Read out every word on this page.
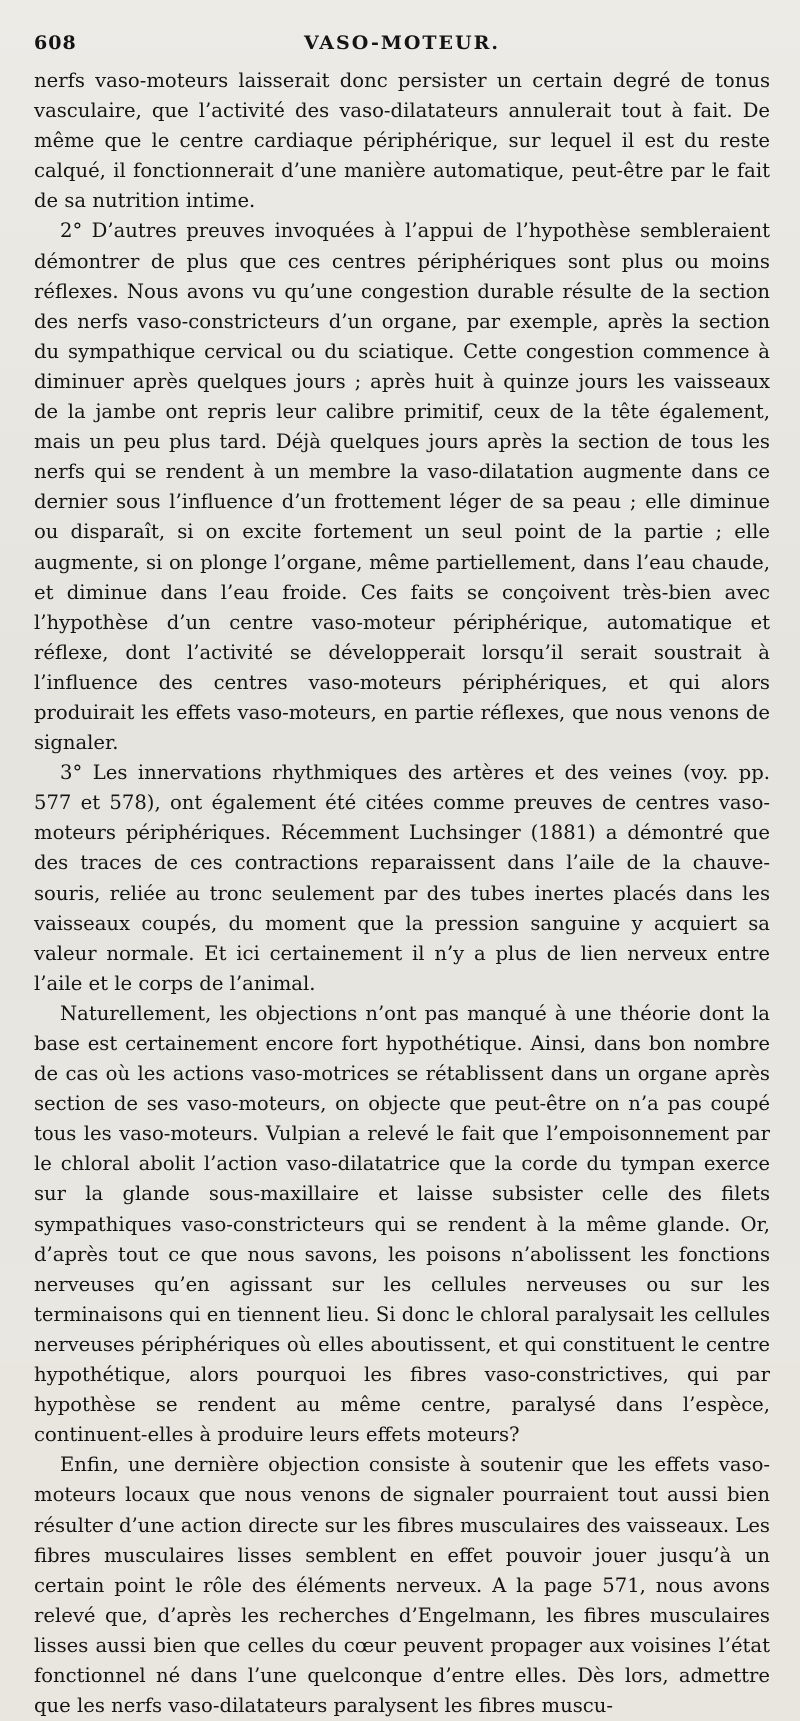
608	VASO-MOTEUR.

nerfs vaso-moteurs laisserait donc persister un certain degré de tonus vasculaire, que l’activité des vaso-dilatateurs annulerait tout à fait. De même que le centre cardiaque périphérique, sur lequel il est du reste calqué, il fonctionnerait d’une manière automatique, peut-être par le fait de sa nutrition intime.

2° D’autres preuves invoquées à l’appui de l’hypothèse sembleraient démontrer de plus que ces centres périphériques sont plus ou moins réflexes. Nous avons vu qu’une congestion durable résulte de la section des nerfs vaso-constricteurs d’un organe, par exemple, après la section du sympathique cervical ou du sciatique. Cette congestion commence à diminuer après quelques jours ; après huit à quinze jours les vaisseaux de la jambe ont repris leur calibre primitif, ceux de la tête également, mais un peu plus tard. Déjà quelques jours après la section de tous les nerfs qui se rendent à un membre la vaso-dilatation augmente dans ce dernier sous l’influence d’un frottement léger de sa peau ; elle diminue ou disparaît, si on excite fortement un seul point de la partie ; elle augmente, si on plonge l’organe, même partiellement, dans l’eau chaude, et diminue dans l’eau froide. Ces faits se conçoivent très-bien avec l’hypothèse d’un centre vaso-moteur périphérique, automatique et réflexe, dont l’activité se développerait lorsqu’il serait soustrait à l’influence des centres vaso-moteurs périphériques, et qui alors produirait les effets vaso-moteurs, en partie réflexes, que nous venons de signaler.

3° Les innervations rhythmiques des artères et des veines (voy. pp. 577 et 578), ont également été citées comme preuves de centres vaso-moteurs périphériques. Récemment Luchsinger (1881) a démontré que des traces de ces contractions reparaissent dans l’aile de la chauve-souris, reliée au tronc seulement par des tubes inertes placés dans les vaisseaux coupés, du moment que la pression sanguine y acquiert sa valeur normale. Et ici certainement il n’y a plus de lien nerveux entre l’aile et le corps de l’animal.

Naturellement, les objections n’ont pas manqué à une théorie dont la base est certainement encore fort hypothétique. Ainsi, dans bon nombre de cas où les actions vaso-motrices se rétablissent dans un organe après section de ses vaso-moteurs, on objecte que peut-être on n’a pas coupé tous les vaso-moteurs. Vulpian a relevé le fait que l’empoisonnement par le chloral abolit l’action vaso-dilatatrice que la corde du tympan exerce sur la glande sous-maxillaire et laisse subsister celle des filets sympathiques vaso-constricteurs qui se rendent à la même glande. Or, d’après tout ce que nous savons, les poisons n’abolissent les fonctions nerveuses qu’en agissant sur les cellules nerveuses ou sur les terminaisons qui en tiennent lieu. Si donc le chloral paralysait les cellules nerveuses périphériques où elles aboutissent, et qui constituent le centre hypothétique, alors pourquoi les fibres vaso-constrictives, qui par hypothèse se rendent au même centre, paralysé dans l’espèce, continuent-elles à produire leurs effets moteurs?

Enfin, une dernière objection consiste à soutenir que les effets vaso-moteurs locaux que nous venons de signaler pourraient tout aussi bien résulter d’une action directe sur les fibres musculaires des vaisseaux. Les fibres musculaires lisses semblent en effet pouvoir jouer jusqu’à un certain point le rôle des éléments nerveux. A la page 571, nous avons relevé que, d’après les recherches d’Engelmann, les fibres musculaires lisses aussi bien que celles du cœur peuvent propager aux voisines l’état fonctionnel né dans l’une quelconque d’entre elles. Dès lors, admettre que les nerfs vaso-dilatateurs paralysent les fibres muscu-
